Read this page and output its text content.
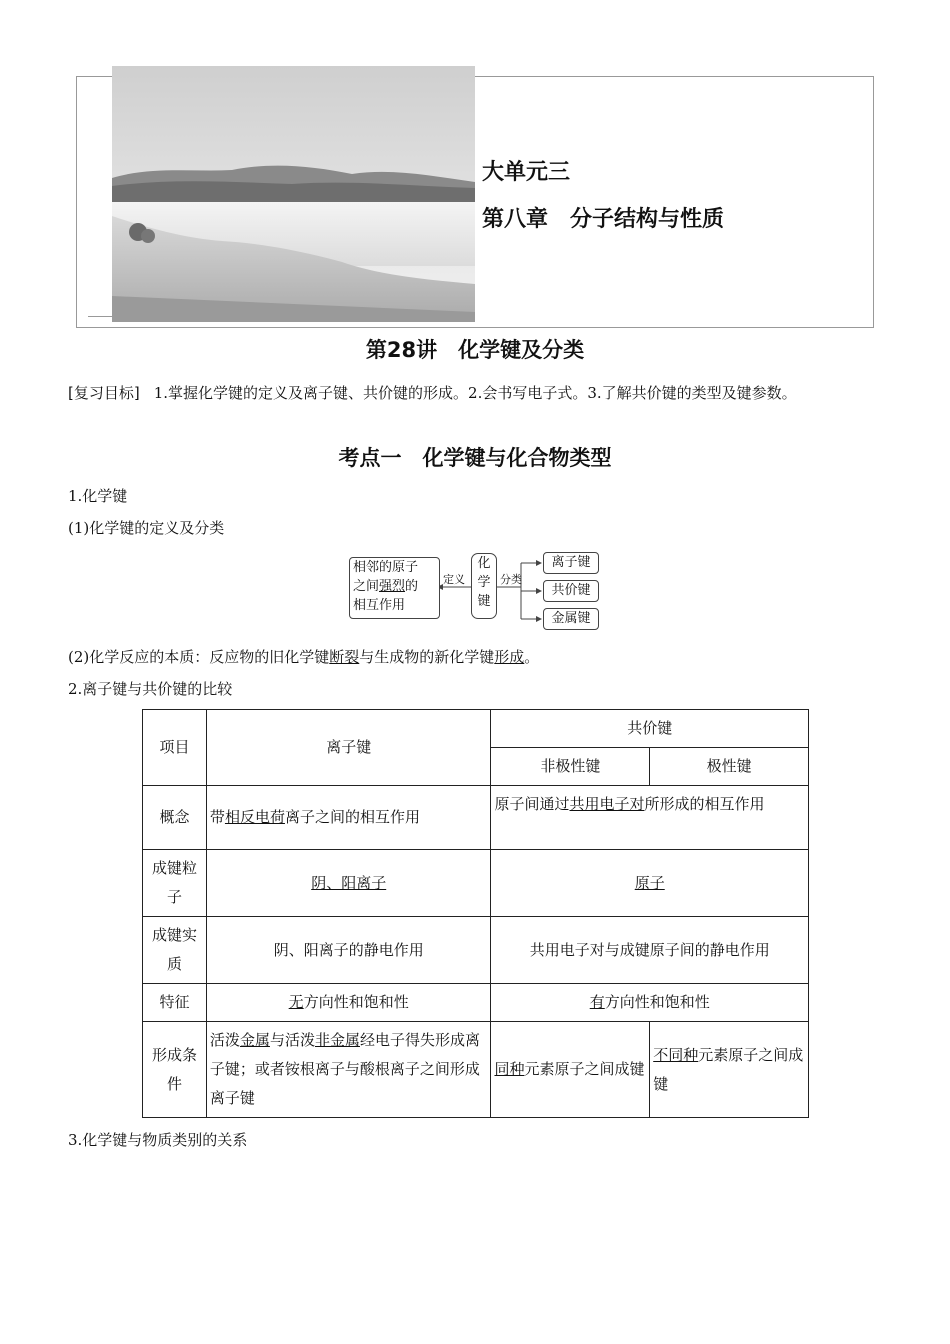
大单元三
第八章　分子结构与性质
第28讲　化学键及分类
[复习目标] 1.掌握化学键的定义及离子键、共价键的形成。2.会书写电子式。3.了解共价键的类型及键参数。
考点一　化学键与化合物类型
1.化学键
(1)化学键的定义及分类
相邻的原子
之间强烈的
相互作用
定义
化
学
键
分类
离子键
共价键
金属键
(2)化学反应的本质：反应物的旧化学键断裂与生成物的新化学键形成。
2.离子键与共价键的比较
项目	离子键	共价键	
		非极性键	极性键
概念	带相反电荷离子之间的相互作用	原子间通过共用电子对所形成的相互作用	
成键粒子	阴、阳离子	原子	
成键实质	阴、阳离子的静电作用	共用电子对与成键原子间的静电作用	
特征	无方向性和饱和性	有方向性和饱和性	
形成条件	活泼金属与活泼非金属经电子得失形成离子键；或者铵根离子与酸根离子之间形成离子键	同种元素原子之间成键	不同种元素原子之间成键
3.化学键与物质类别的关系
